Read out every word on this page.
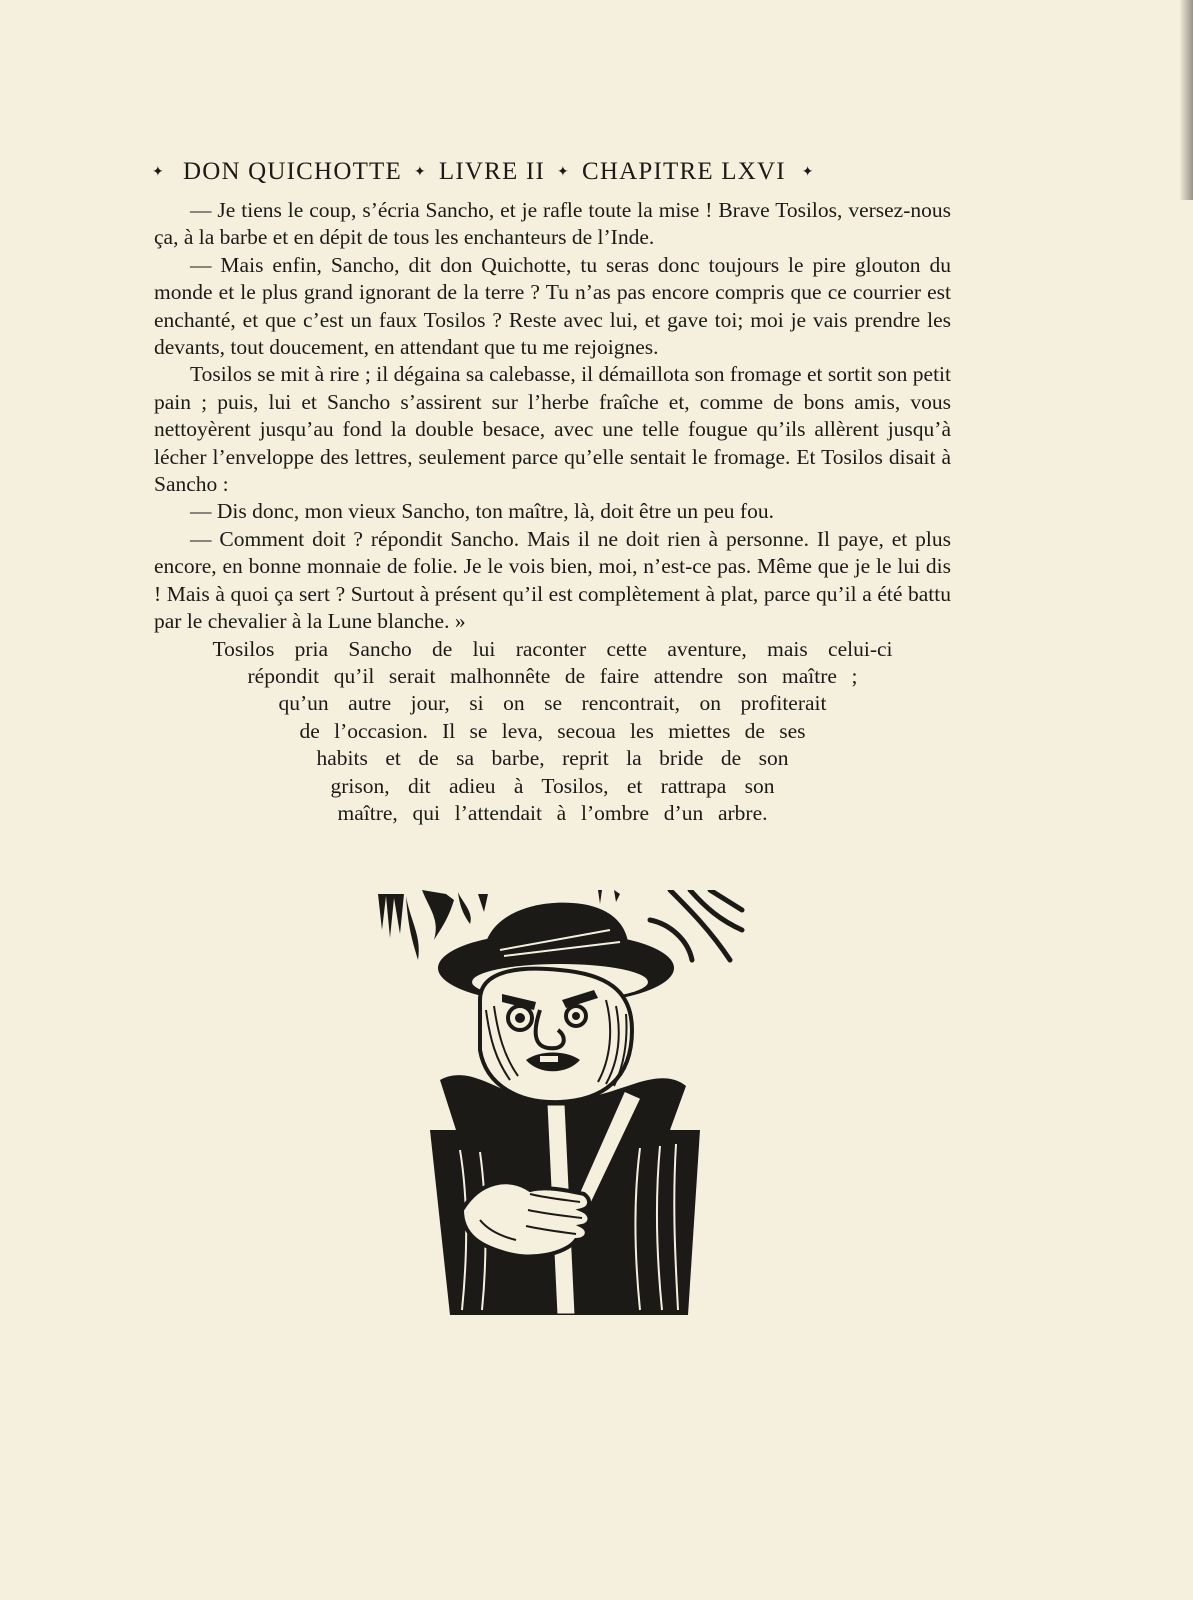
✦ DON QUICHOTTE ✦ LIVRE II ✦ CHAPITRE LXVI ✦

— Je tiens le coup, s’écria Sancho, et je rafle toute la mise ! Brave Tosilos, versez-nous ça, à la barbe et en dépit de tous les enchanteurs de l’Inde.

— Mais enfin, Sancho, dit don Quichotte, tu seras donc toujours le pire glouton du monde et le plus grand ignorant de la terre ? Tu n’as pas encore compris que ce courrier est enchanté, et que c’est un faux Tosilos ? Reste avec lui, et gave toi; moi je vais prendre les devants, tout doucement, en attendant que tu me rejoignes.

Tosilos se mit à rire ; il dégaina sa calebasse, il démaillota son fromage et sortit son petit pain ; puis, lui et Sancho s’assirent sur l’herbe fraîche et, comme de bons amis, vous nettoyèrent jusqu’au fond la double besace, avec une telle fougue qu’ils allèrent jusqu’à lécher l’enveloppe des lettres, seulement parce qu’elle sentait le fromage. Et Tosilos disait à Sancho :

— Dis donc, mon vieux Sancho, ton maître, là, doit être un peu fou.

— Comment doit ? répondit Sancho. Mais il ne doit rien à personne. Il paye, et plus encore, en bonne monnaie de folie. Je le vois bien, moi, n’est-ce pas. Même que je le lui dis ! Mais à quoi ça sert ? Surtout à présent qu’il est complètement à plat, parce qu’il a été battu par le chevalier à la Lune blanche. »

Tosilos pria Sancho de lui raconter cette aventure, mais celui-ci
répondit qu’il serait malhonnête de faire attendre son maître ;
qu’un autre jour, si on se rencontrait, on profiterait
de l’occasion. Il se leva, secoua les miettes de ses
habits et de sa barbe, reprit la bride de son
grison, dit adieu à Tosilos, et rattrapa son
maître, qui l’attendait à l’ombre d’un arbre.
